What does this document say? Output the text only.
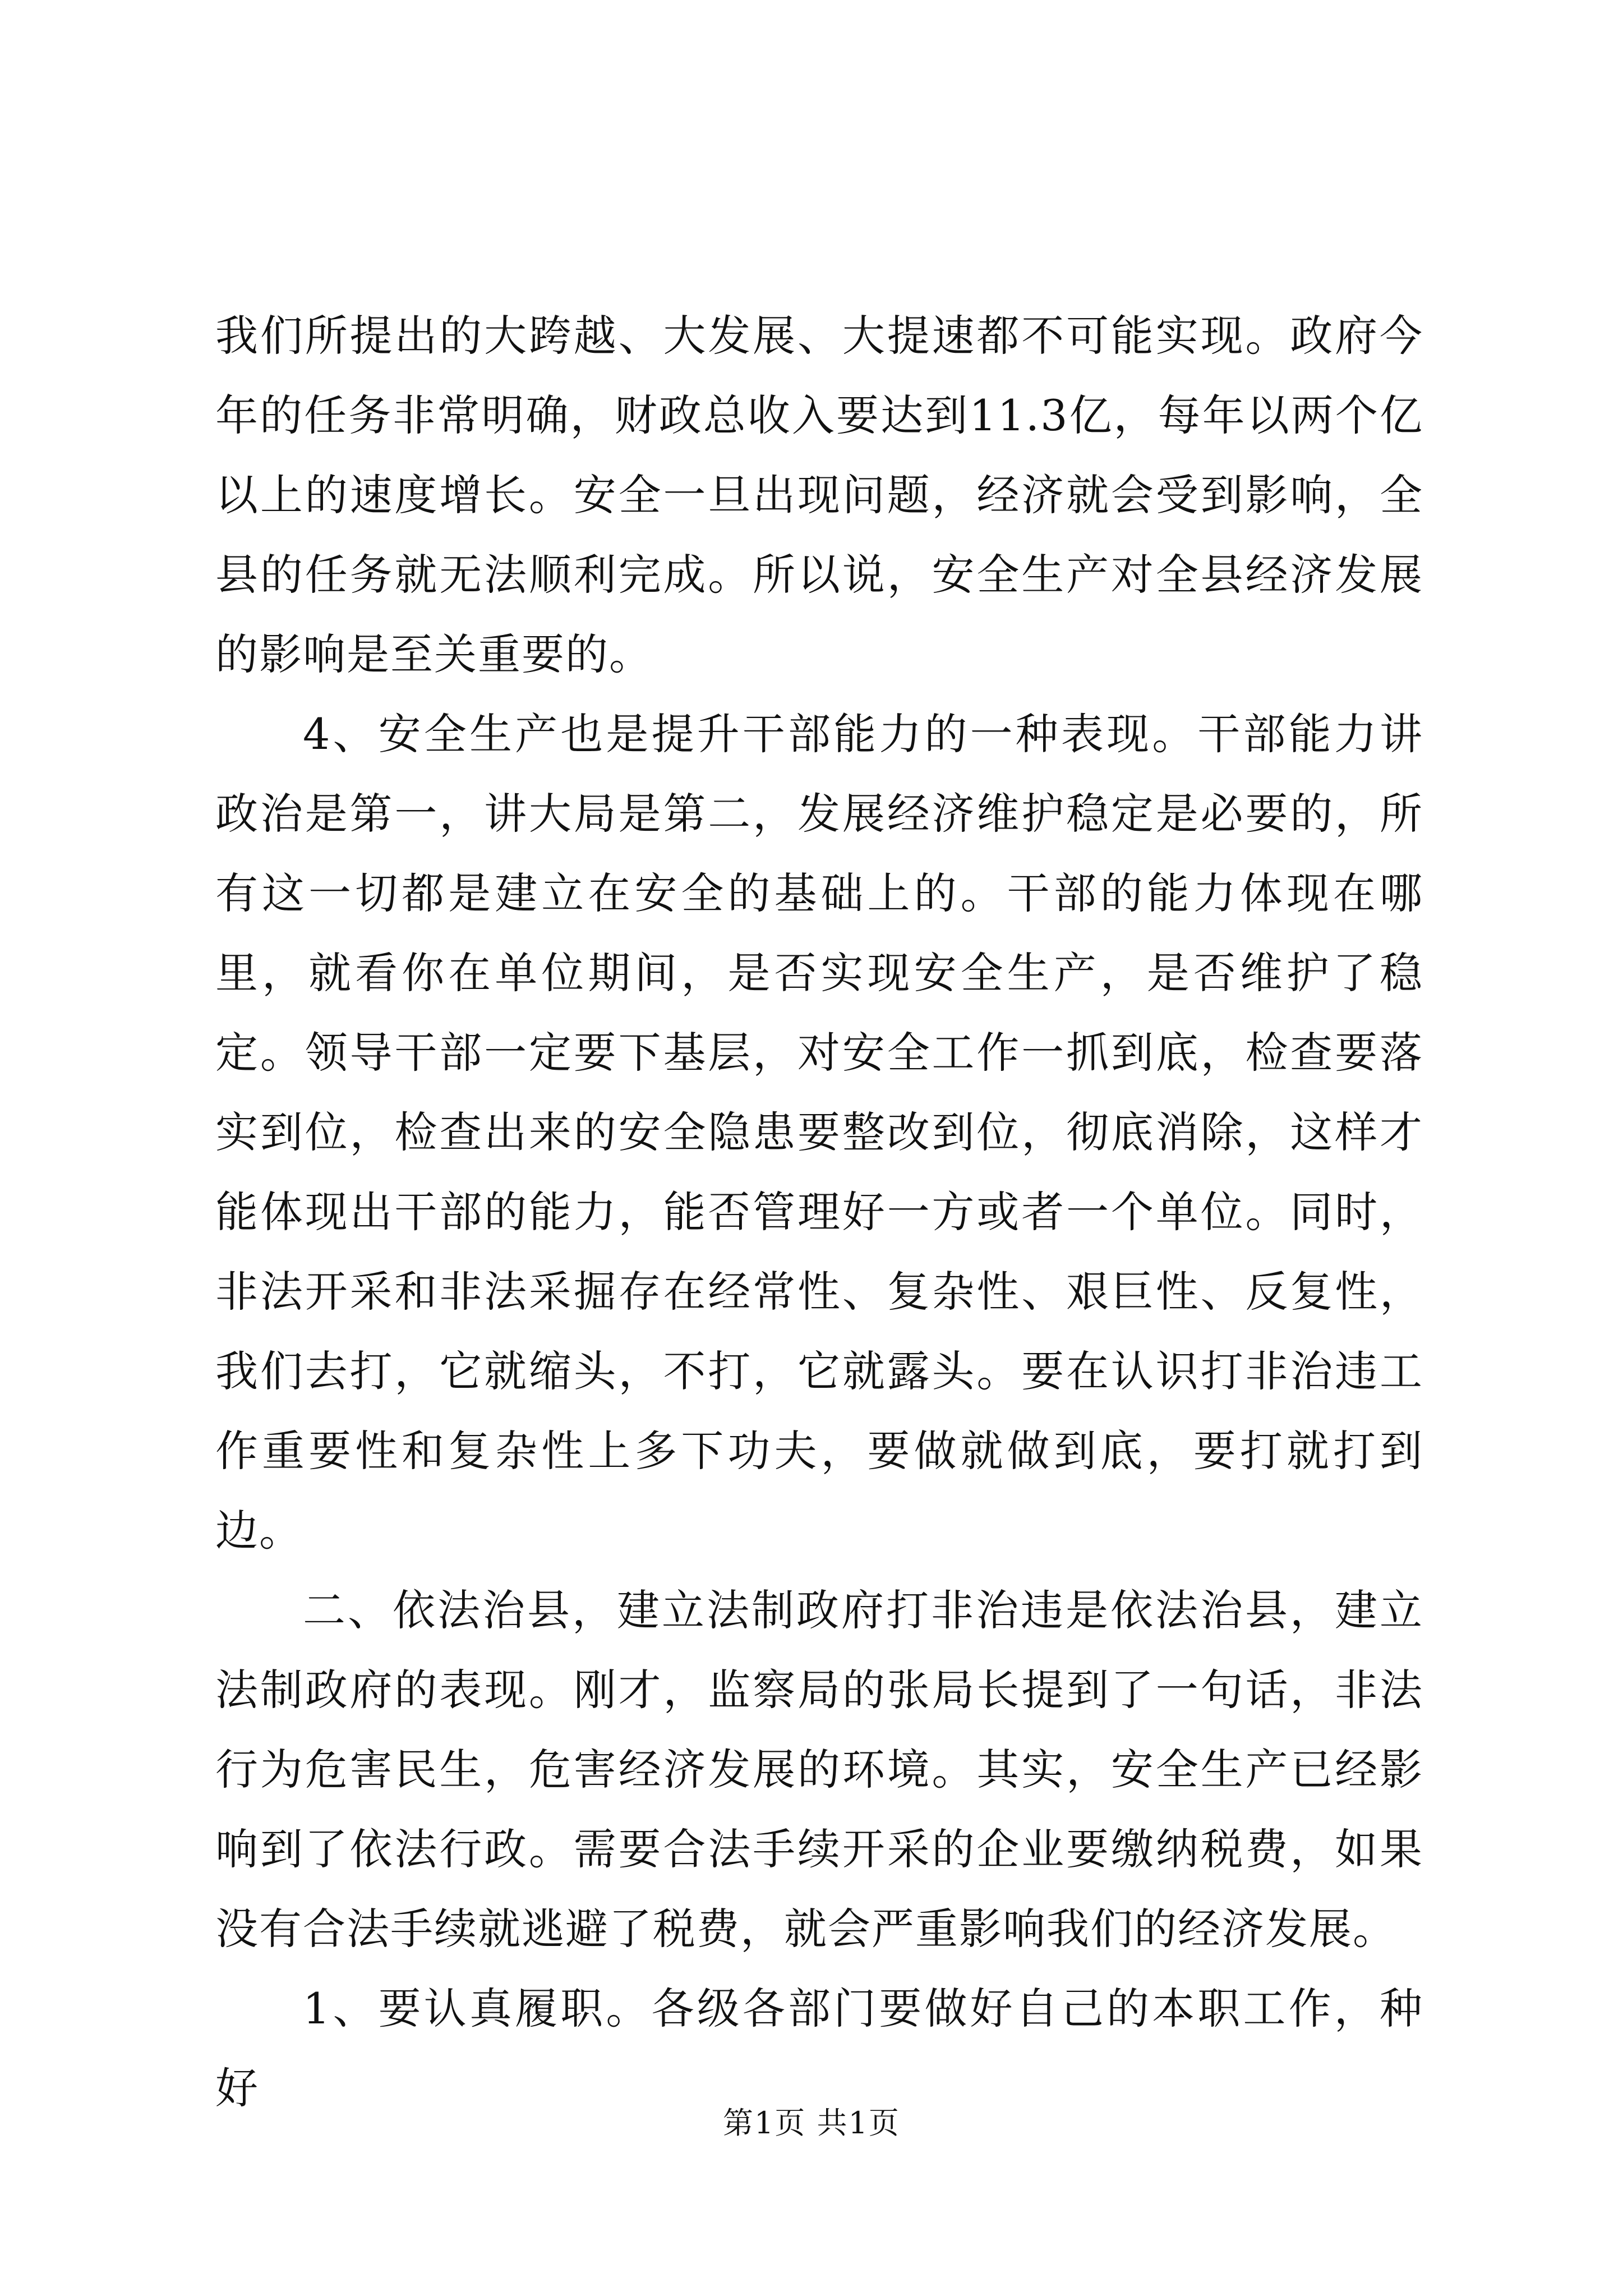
我们所提出的大跨越、大发展、大提速都不可能实现。政府今年的任务非常明确，财政总收入要达到11.3亿，每年以两个亿以上的速度增长。安全一旦出现问题，经济就会受到影响，全县的任务就无法顺利完成。所以说，安全生产对全县经济发展的影响是至关重要的。

4、安全生产也是提升干部能力的一种表现。干部能力讲政治是第一，讲大局是第二，发展经济维护稳定是必要的，所有这一切都是建立在安全的基础上的。干部的能力体现在哪里，就看你在单位期间，是否实现安全生产，是否维护了稳定。领导干部一定要下基层，对安全工作一抓到底，检查要落实到位，检查出来的安全隐患要整改到位，彻底消除，这样才能体现出干部的能力，能否管理好一方或者一个单位。同时，非法开采和非法采掘存在经常性、复杂性、艰巨性、反复性，我们去打，它就缩头，不打，它就露头。要在认识打非治违工作重要性和复杂性上多下功夫，要做就做到底，要打就打到边。

二、依法治县，建立法制政府打非治违是依法治县，建立法制政府的表现。刚才，监察局的张局长提到了一句话，非法行为危害民生，危害经济发展的环境。其实，安全生产已经影响到了依法行政。需要合法手续开采的企业要缴纳税费，如果没有合法手续就逃避了税费，就会严重影响我们的经济发展。

1、要认真履职。各级各部门要做好自己的本职工作，种好

第1页 共1页
